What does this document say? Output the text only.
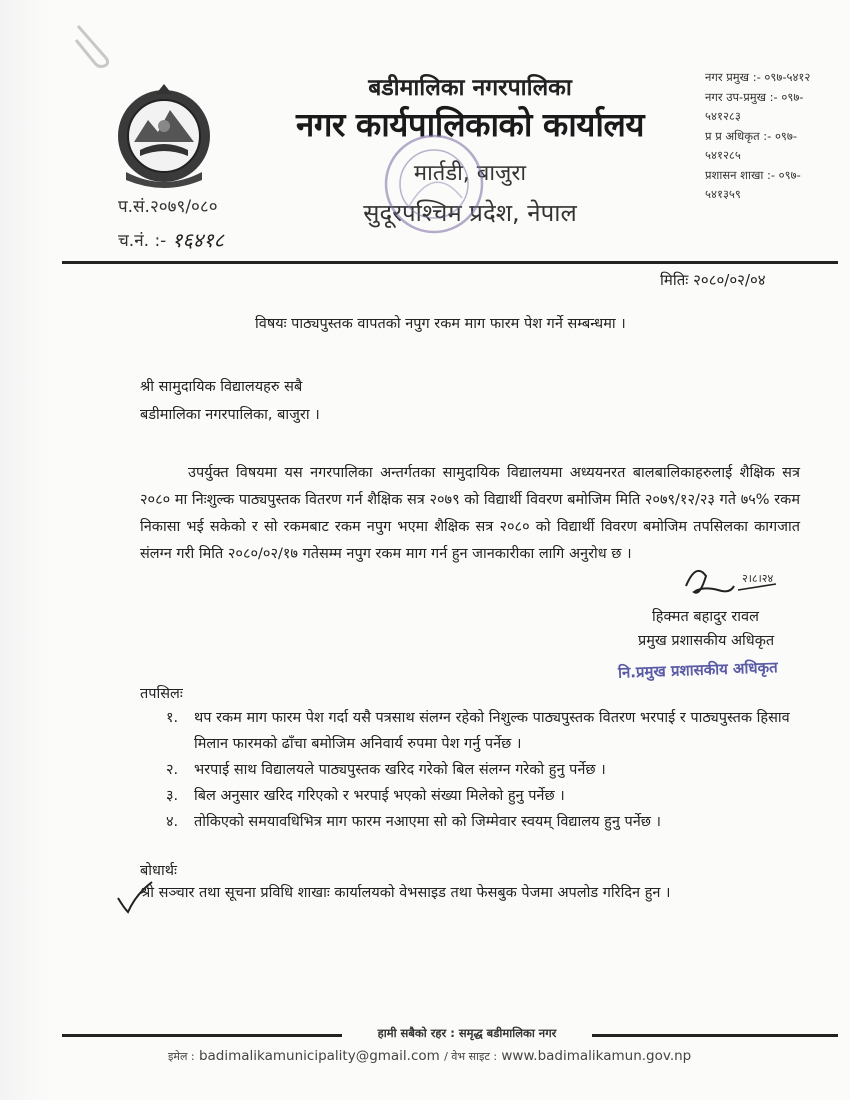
बडीमालिका नगरपालिका
नगर कार्यपालिकाको कार्यालय
मार्तडी, बाजुरा
सुदूरपश्चिम प्रदेश, नेपाल
नगर प्रमुख :- ०९७-५४१२
नगर उप-प्रमुख :- ०९७-
५४१२८३
प्र प्र अधिकृत :- ०९७-
५४१२८५
प्रशासन शाखा :- ०९७-
५४१३५९
प.सं.२०७९/०८०
च.नं. :- १६४१८
मितिः २०८०/०२/०४
विषयः पाठ्यपुस्तक वापतको नपुग रकम माग फारम पेश गर्ने सम्बन्धमा ।
श्री सामुदायिक विद्यालयहरु सबै
बडीमालिका नगरपालिका, बाजुरा ।
उपर्युक्त विषयमा यस नगरपालिका अन्तर्गतका सामुदायिक विद्यालयमा अध्ययनरत बालबालिकाहरुलाई शैक्षिक सत्र २०८० मा निःशुल्क पाठ्यपुस्तक वितरण गर्न शैक्षिक सत्र २०७९ को विद्यार्थी विवरण बमोजिम मिति २०७९/१२/२३ गते ७५% रकम निकासा भई सकेको र सो रकमबाट रकम नपुग भएमा शैक्षिक सत्र २०८० को विद्यार्थी विवरण बमोजिम तपसिलका कागजात संलग्न गरी मिति २०८०/०२/१७ गतेसम्म नपुग रकम माग गर्न हुन जानकारीका लागि अनुरोध छ ।
२।८।२४
हिक्मत बहादुर रावल
प्रमुख प्रशासकीय अधिकृत
नि.प्रमुख प्रशासकीय अधिकृत
तपसिलः
१. थप रकम माग फारम पेश गर्दा यसै पत्रसाथ संलग्न रहेको निशुल्क पाठ्यपुस्तक वितरण भरपाई र पाठ्यपुस्तक हिसाव मिलान फारमको ढाँचा बमोजिम अनिवार्य रुपमा पेश गर्नु पर्नेछ ।
२. भरपाई साथ विद्यालयले पाठ्यपुस्तक खरिद गरेको बिल संलग्न गरेको हुनु पर्नेछ ।
३. बिल अनुसार खरिद गरिएको र भरपाई भएको संख्या मिलेको हुनु पर्नेछ ।
४. तोकिएको समयावधिभित्र माग फारम नआएमा सो को जिम्मेवार स्वयम् विद्यालय हुनु पर्नेछ ।
बोधार्थः
श्री सञ्चार तथा सूचना प्रविधि शाखाः कार्यालयको वेभसाइड तथा फेसबुक पेजमा अपलोड गरिदिन हुन ।
हामी सबैको रहर : समृद्ध बडीमालिका नगर
इमेल : badimalikamunicipality@gmail.com / वेभ साइट : www.badimalikamun.gov.np
